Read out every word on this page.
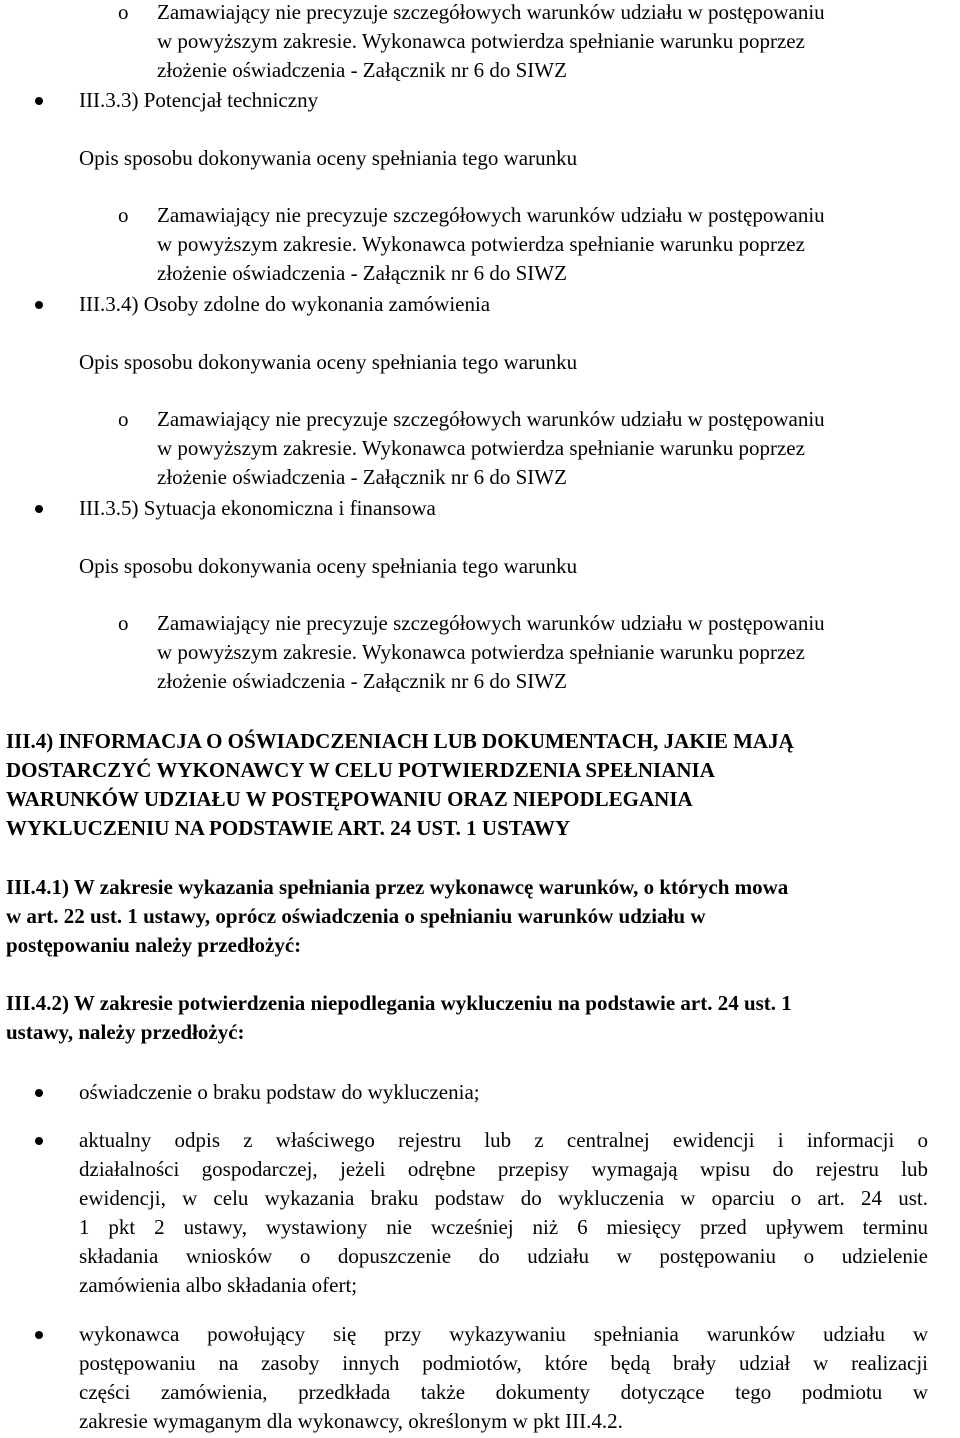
o Zamawiający nie precyzuje szczegółowych warunków udziału w postępowaniu
w powyższym zakresie. Wykonawca potwierdza spełnianie warunku poprzez
złożenie oświadczenia - Załącznik nr 6 do SIWZ
III.3.3) Potencjał techniczny
Opis sposobu dokonywania oceny spełniania tego warunku
o Zamawiający nie precyzuje szczegółowych warunków udziału w postępowaniu
w powyższym zakresie. Wykonawca potwierdza spełnianie warunku poprzez
złożenie oświadczenia - Załącznik nr 6 do SIWZ
III.3.4) Osoby zdolne do wykonania zamówienia
Opis sposobu dokonywania oceny spełniania tego warunku
o Zamawiający nie precyzuje szczegółowych warunków udziału w postępowaniu
w powyższym zakresie. Wykonawca potwierdza spełnianie warunku poprzez
złożenie oświadczenia - Załącznik nr 6 do SIWZ
III.3.5) Sytuacja ekonomiczna i finansowa
Opis sposobu dokonywania oceny spełniania tego warunku
o Zamawiający nie precyzuje szczegółowych warunków udziału w postępowaniu
w powyższym zakresie. Wykonawca potwierdza spełnianie warunku poprzez
złożenie oświadczenia - Załącznik nr 6 do SIWZ
III.4) INFORMACJA O OŚWIADCZENIACH LUB DOKUMENTACH, JAKIE MAJĄ
DOSTARCZYĆ WYKONAWCY W CELU POTWIERDZENIA SPEŁNIANIA
WARUNKÓW UDZIAŁU W POSTĘPOWANIU ORAZ NIEPODLEGANIA
WYKLUCZENIU NA PODSTAWIE ART. 24 UST. 1 USTAWY
III.4.1) W zakresie wykazania spełniania przez wykonawcę warunków, o których mowa
w art. 22 ust. 1 ustawy, oprócz oświadczenia o spełnianiu warunków udziału w
postępowaniu należy przedłożyć:
III.4.2) W zakresie potwierdzenia niepodlegania wykluczeniu na podstawie art. 24 ust. 1
ustawy, należy przedłożyć:
oświadczenie o braku podstaw do wykluczenia;
aktualny odpis z właściwego rejestru lub z centralnej ewidencji i informacji o
działalności gospodarczej, jeżeli odrębne przepisy wymagają wpisu do rejestru lub
ewidencji, w celu wykazania braku podstaw do wykluczenia w oparciu o art. 24 ust.
1 pkt 2 ustawy, wystawiony nie wcześniej niż 6 miesięcy przed upływem terminu
składania wniosków o dopuszczenie do udziału w postępowaniu o udzielenie
zamówienia albo składania ofert;
wykonawca powołujący się przy wykazywaniu spełniania warunków udziału w
postępowaniu na zasoby innych podmiotów, które będą brały udział w realizacji
części zamówienia, przedkłada także dokumenty dotyczące tego podmiotu w
zakresie wymaganym dla wykonawcy, określonym w pkt III.4.2.
